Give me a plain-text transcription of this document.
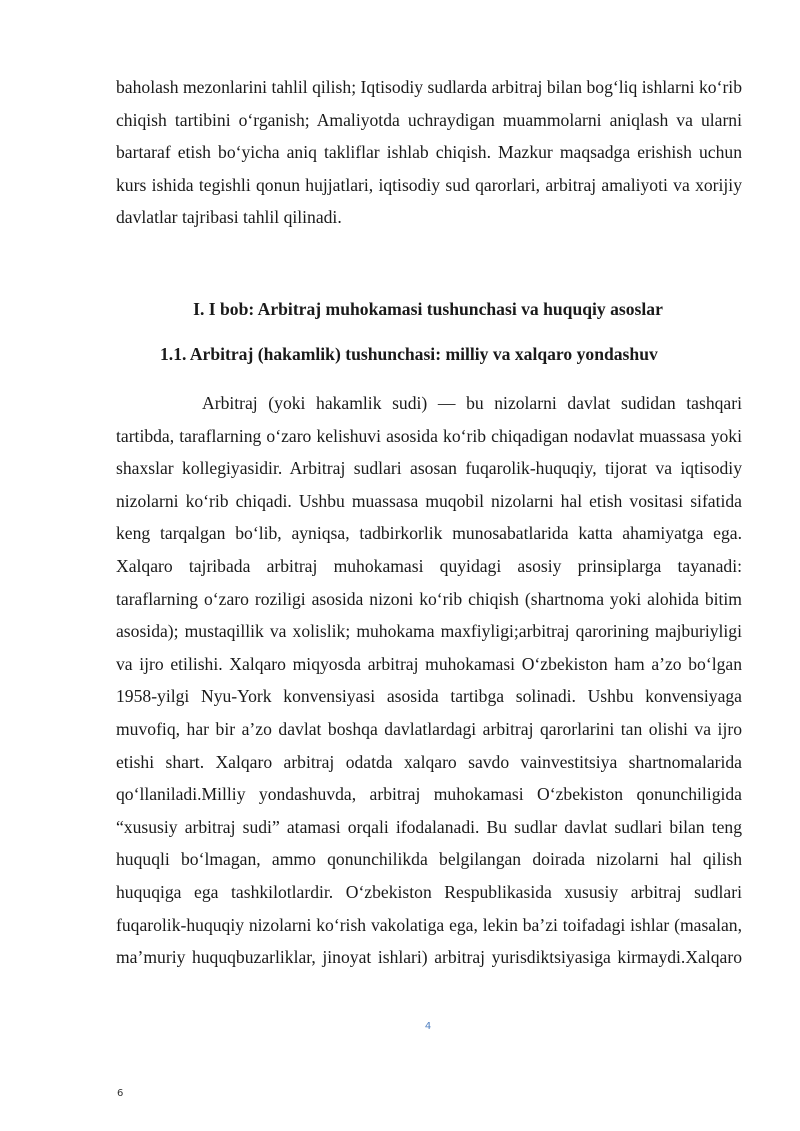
baholash mezonlarini tahlil qilish; Iqtisodiy sudlarda arbitraj bilan bog‘liq ishlarni ko‘rib chiqish tartibini o‘rganish; Amaliyotda uchraydigan muammolarni aniqlash va ularni bartaraf etish bo‘yicha aniq takliflar ishlab chiqish. Mazkur maqsadga erishish uchun kurs ishida tegishli qonun hujjatlari, iqtisodiy sud qarorlari, arbitraj amaliyoti va xorijiy davlatlar tajribasi tahlil qilinadi.

I. I bob: Arbitraj muhokamasi tushunchasi va huquqiy asoslar
1.1. Arbitraj (hakamlik) tushunchasi: milliy va xalqaro yondashuv

Arbitraj (yoki hakamlik sudi) — bu nizolarni davlat sudidan tashqari tartibda, taraflarning o‘zaro kelishuvi asosida ko‘rib chiqadigan nodavlat muassasa yoki shaxslar kollegiyasidir. Arbitraj sudlari asosan fuqarolik-huquqiy, tijorat va iqtisodiy nizolarni ko‘rib chiqadi. Ushbu muassasa muqobil nizolarni hal etish vositasi sifatida keng tarqalgan bo‘lib, ayniqsa, tadbirkorlik munosabatlarida katta ahamiyatga ega. Xalqaro tajribada arbitraj muhokamasi quyidagi asosiy prinsiplarga tayanadi: taraflarning o‘zaro roziligi asosida nizoni ko‘rib chiqish (shartnoma yoki alohida bitim asosida); mustaqillik va xolislik; muhokama maxfiyligi;arbitraj qarorining majburiyligi va ijro etilishi. Xalqaro miqyosda arbitraj muhokamasi O‘zbekiston ham a’zo bo‘lgan 1958-yilgi Nyu-York konvensiyasi asosida tartibga solinadi. Ushbu konvensiyaga muvofiq, har bir a’zo davlat boshqa davlatlardagi arbitraj qarorlarini tan olishi va ijro etishi shart. Xalqaro arbitraj odatda xalqaro savdo vainvestitsiya shartnomalarida qo‘llaniladi.Milliy yondashuvda, arbitraj muhokamasi O‘zbekiston qonunchiligida “xususiy arbitraj sudi” atamasi orqali ifodalanadi. Bu sudlar davlat sudlari bilan teng huquqli bo‘lmagan, ammo qonunchilikda belgilangan doirada nizolarni hal qilish huquqiga ega tashkilotlardir. O‘zbekiston Respublikasida xususiy arbitraj sudlari fuqarolik-huquqiy nizolarni ko‘rish vakolatiga ega, lekin ba’zi toifadagi ishlar (masalan, ma’muriy huquqbuzarliklar, jinoyat ishlari) arbitraj yurisdiktsiyasiga kirmaydi.Xalqaro

4
6
